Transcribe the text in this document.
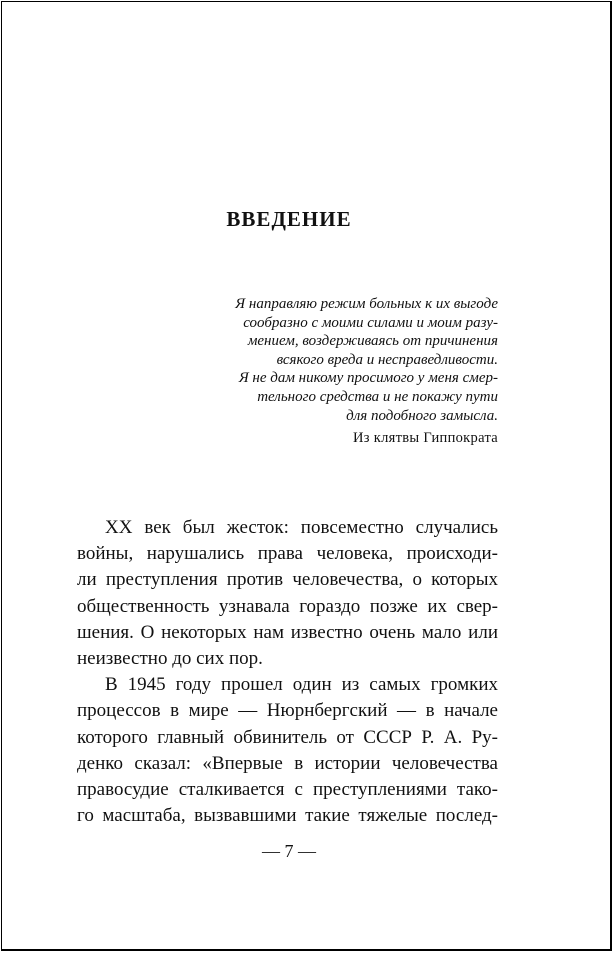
ВВЕДЕНИЕ
Я направляю режим больных к их выгоде
сообразно с моими силами и моим разу-
мением, воздерживаясь от причинения
всякого вреда и несправедливости.
Я не дам никому просимого у меня смер-
тельного средства и не покажу пути
для подобного замысла.
Из клятвы Гиппократа
ХХ век был жесток: повсеместно случались
войны, нарушались права человека, происходи-
ли преступления против человечества, о которых
общественность узнавала гораздо позже их свер-
шения. О некоторых нам известно очень мало или
неизвестно до сих пор.
В 1945 году прошел один из самых громких
процессов в мире — Нюрнбергский — в начале
которого главный обвинитель от СССР Р. А. Ру-
денко сказал: «Впервые в истории человечества
правосудие сталкивается с преступлениями тако-
го масштаба, вызвавшими такие тяжелые послед-
— 7 —
